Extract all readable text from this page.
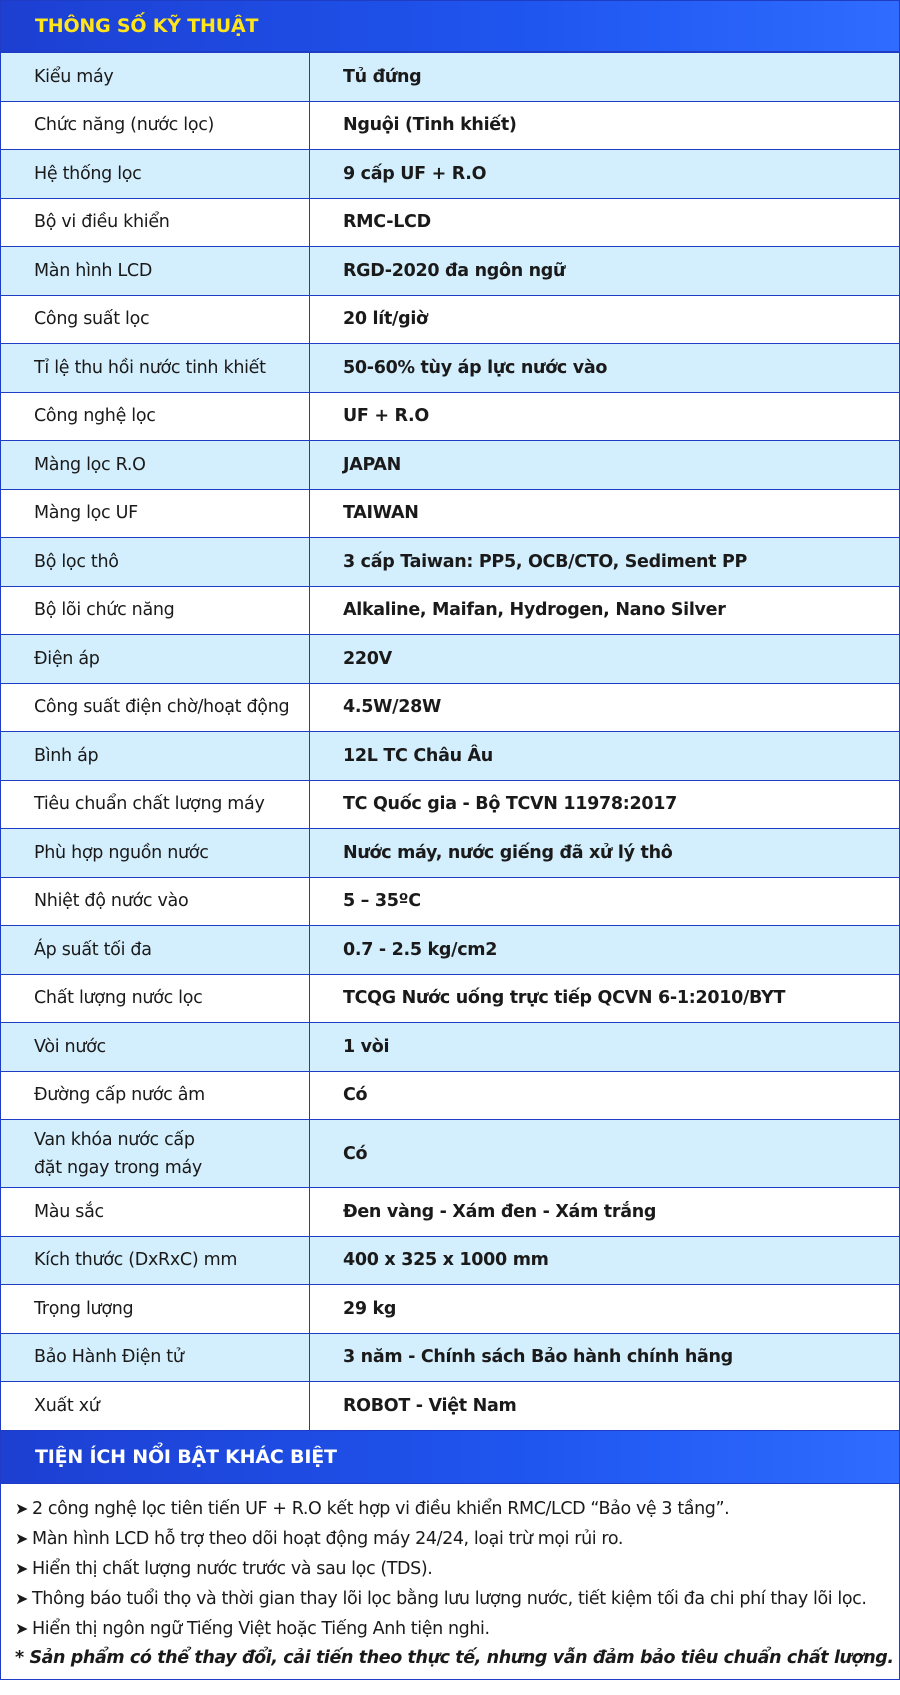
THÔNG SỐ KỸ THUẬT
Kiểu máy	Tủ đứng
Chức năng (nước lọc)	Nguội (Tinh khiết)
Hệ thống lọc	9 cấp UF + R.O
Bộ vi điều khiển	RMC-LCD
Màn hình LCD	RGD-2020 đa ngôn ngữ
Công suất lọc	20 lít/giờ
Tỉ lệ thu hồi nước tinh khiết	50-60% tùy áp lực nước vào
Công nghệ lọc	UF + R.O
Màng lọc R.O	JAPAN
Màng lọc UF	TAIWAN
Bộ lọc thô	3 cấp Taiwan: PP5, OCB/CTO, Sediment PP
Bộ lõi chức năng	Alkaline, Maifan, Hydrogen, Nano Silver
Điện áp	220V
Công suất điện chờ/hoạt động	4.5W/28W
Bình áp	12L TC Châu Âu
Tiêu chuẩn chất lượng máy	TC Quốc gia - Bộ TCVN 11978:2017
Phù hợp nguồn nước	Nước máy, nước giếng đã xử lý thô
Nhiệt độ nước vào	5 – 35ºC
Áp suất tối đa	0.7 - 2.5 kg/cm2
Chất lượng nước lọc	TCQG Nước uống trực tiếp QCVN 6-1:2010/BYT
Vòi nước	1 vòi
Đường cấp nước âm	Có

Van khóa nước cấp
đặt ngay trong máy	Có
Màu sắc	Đen vàng - Xám đen - Xám trắng
Kích thước (DxRxC) mm	400 x 325 x 1000 mm
Trọng lượng	29 kg
Bảo Hành Điện tử	3 năm - Chính sách Bảo hành chính hãng
Xuất xứ	ROBOT - Việt Nam
TIỆN ÍCH NỔI BẬT KHÁC BIỆT
➤ 2 công nghệ lọc tiên tiến UF + R.O kết hợp vi điều khiển RMC/LCD “Bảo vệ 3 tầng”.
➤ Màn hình LCD hỗ trợ theo dõi hoạt động máy 24/24, loại trừ mọi rủi ro.
➤ Hiển thị chất lượng nước trước và sau lọc (TDS).
➤ Thông báo tuổi thọ và thời gian thay lõi lọc bằng lưu lượng nước, tiết kiệm tối đa chi phí thay lõi lọc.
➤ Hiển thị ngôn ngữ Tiếng Việt hoặc Tiếng Anh tiện nghi.
* Sản phẩm có thể thay đổi, cải tiến theo thực tế, nhưng vẫn đảm bảo tiêu chuẩn chất lượng.
